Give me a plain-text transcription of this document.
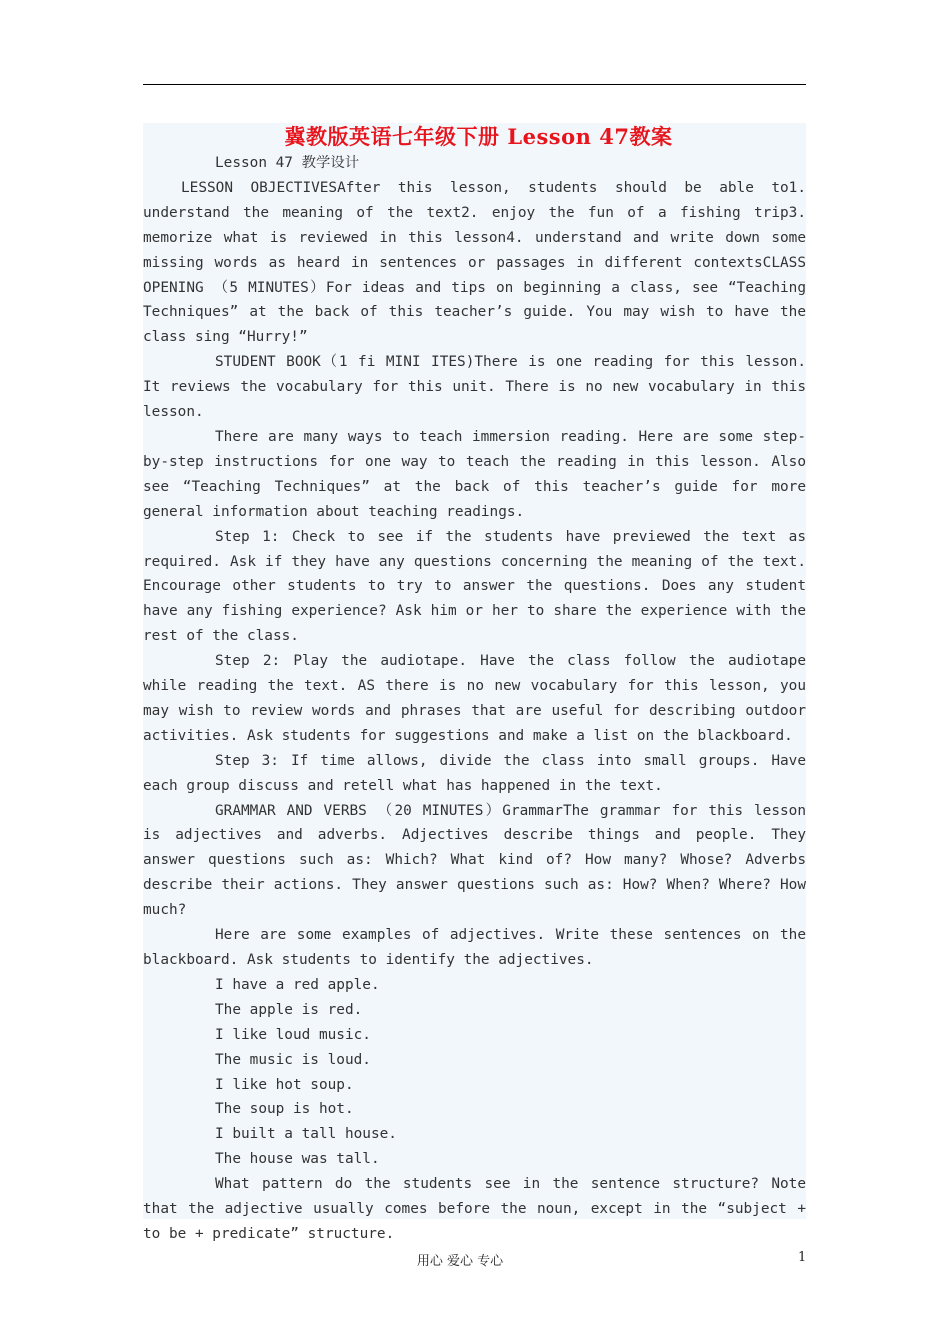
冀教版英语七年级下册 Lesson 47教案

Lesson 47 教学设计

LESSON OBJECTIVESAfter this lesson, students should be able to1. understand the meaning of the text2. enjoy the fun of a fishing trip3. memorize what is reviewed in this lesson4. understand and write down some missing words as heard in sentences or passages in different contextsCLASS OPENING （5 MINUTES）For ideas and tips on beginning a class, see “Teaching Techniques” at the back of this teacher’s guide. You may wish to have the class sing “Hurry!”

STUDENT BOOK（1 fi MINI ITES)There is one reading for this lesson. It reviews the vocabulary for this unit. There is no new vocabulary in this lesson.

There are many ways to teach immersion reading. Here are some step-by-step instructions for one way to teach the reading in this lesson. Also see “Teaching Techniques” at the back of this teacher’s guide for more general information about teaching readings.

Step 1: Check to see if the students have previewed the text as required. Ask if they have any questions concerning the meaning of the text. Encourage other students to try to answer the questions. Does any student have any fishing experience? Ask him or her to share the experience with the rest of the class.

Step 2: Play the audiotape. Have the class follow the audiotape while reading the text. AS there is no new vocabulary for this lesson, you may wish to review words and phrases that are useful for describing outdoor activities. Ask students for suggestions and make a list on the blackboard.

Step 3: If time allows, divide the class into small groups. Have each group discuss and retell what has happened in the text.

GRAMMAR AND VERBS （20 MINUTES）GrammarThe grammar for this lesson is adjectives and adverbs. Adjectives describe things and people. They answer questions such as: Which? What kind of? How many? Whose? Adverbs describe their actions. They answer questions such as: How? When? Where? How much?

Here are some examples of adjectives. Write these sentences on the blackboard. Ask students to identify the adjectives.

I have a red apple.

The apple is red.

I like loud music.

The music is loud.

I like hot soup.

The soup is hot.

I built a tall house.

The house was tall.

What pattern do the students see in the sentence structure? Note that the adjective usually comes before the noun, except in the “subject + to be + predicate” structure.

用心 爱心 专心	1
